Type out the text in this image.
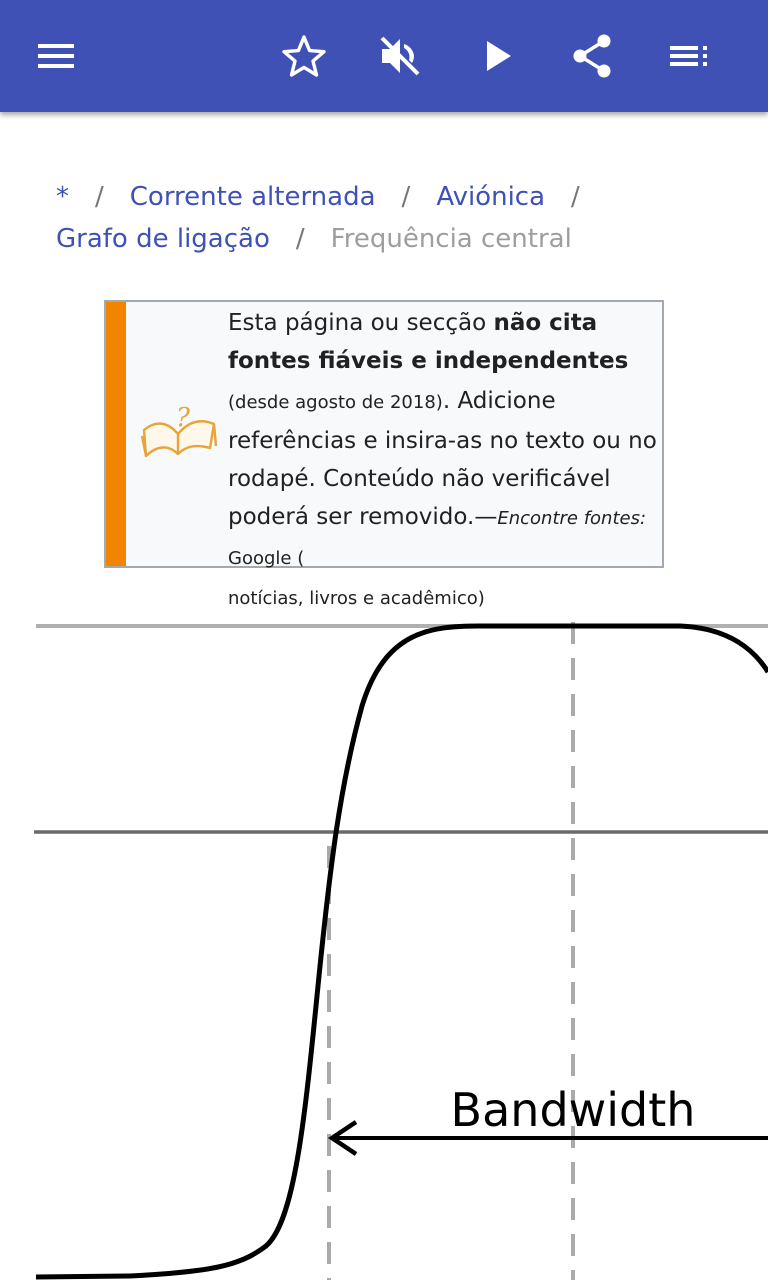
* / Corrente alternada / Aviónica /
Grafo de ligação / Frequência central
?
Esta página ou secção não cita fontes fiáveis e independentes (desde agosto de 2018). Adicione referências e insira-as no texto ou no rodapé. Conteúdo não verificável poderá ser removido.—Encontre fontes: Google (
notícias, livros e acadêmico)
Bandwidth
